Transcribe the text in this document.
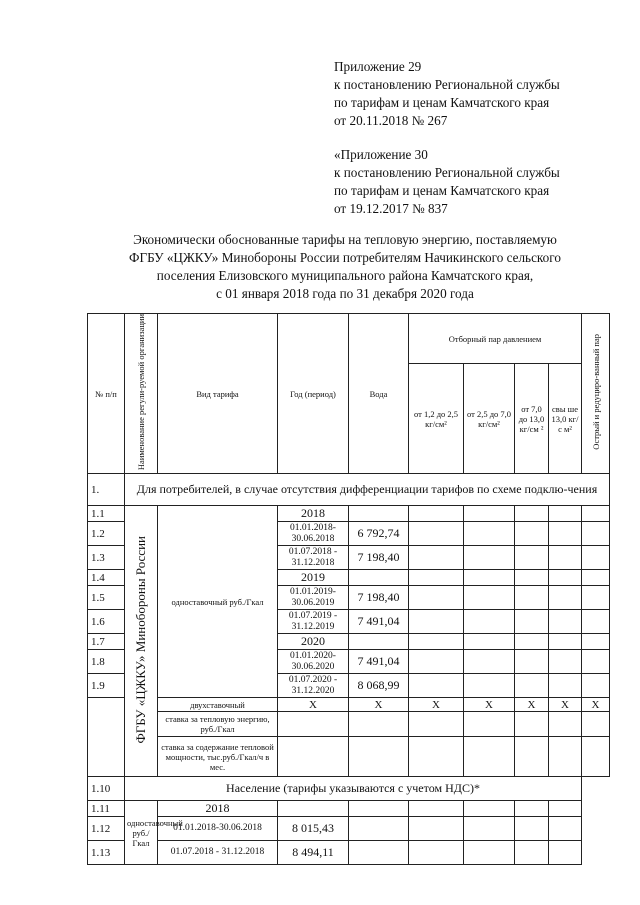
Приложение 29
к постановлению Региональной службы
по тарифам и ценам Камчатского края
от 20.11.2018 № 267
«Приложение 30
к постановлению Региональной службы
по тарифам и ценам Камчатского края
от 19.12.2017 № 837
Экономически обоснованные тарифы на тепловую энергию, поставляемую
ФГБУ «ЦЖКУ» Минобороны России потребителям Начикинского сельского
поселения Елизовского муниципального района Камчатского края,
с 01 января 2018 года по 31 декабря 2020 года
№ п/п	Наименование регули-руемой организации	Вид тарифа	Год (период)	Вода	Отборный пар давлением				Острый и редуциро-ванный пар
					от 1,2 до 2,5 кг/см²	от 2,5 до 7,0 кг/см²	от 7,0 до 13,0 кг/см ²	свы ше 13,0 кг/с м²	
1.	Для потребителей, в случае отсутствия дифференциации тарифов по схеме подклю-чения								
1.1	ФГБУ «ЦЖКУ» Минобороны России	одноставочный руб./Гкал	2018						
1.2			01.01.2018-30.06.2018	6 792,74					
1.3			01.07.2018 - 31.12.2018	7 198,40					
1.4			2019						
1.5			01.01.2019-30.06.2019	7 198,40					
1.6			01.07.2019 - 31.12.2019	7 491,04					
1.7			2020						
1.8			01.01.2020-30.06.2020	7 491,04					
1.9			01.07.2020 - 31.12.2020	8 068,99					
		двухставочный	Х	Х	Х	Х	Х	Х	Х
		ставка за тепловую энергию, руб./Гкал							
		ставка за содержание тепловой мощности, тыс.руб./Гкал/ч в мес.							
1.10	Население (тарифы указываются с учетом НДС)*								
1.11	одноставочный руб./Гкал	2018							
1.12		01.01.2018-30.06.2018	8 015,43						
1.13		01.07.2018 - 31.12.2018	8 494,11						
